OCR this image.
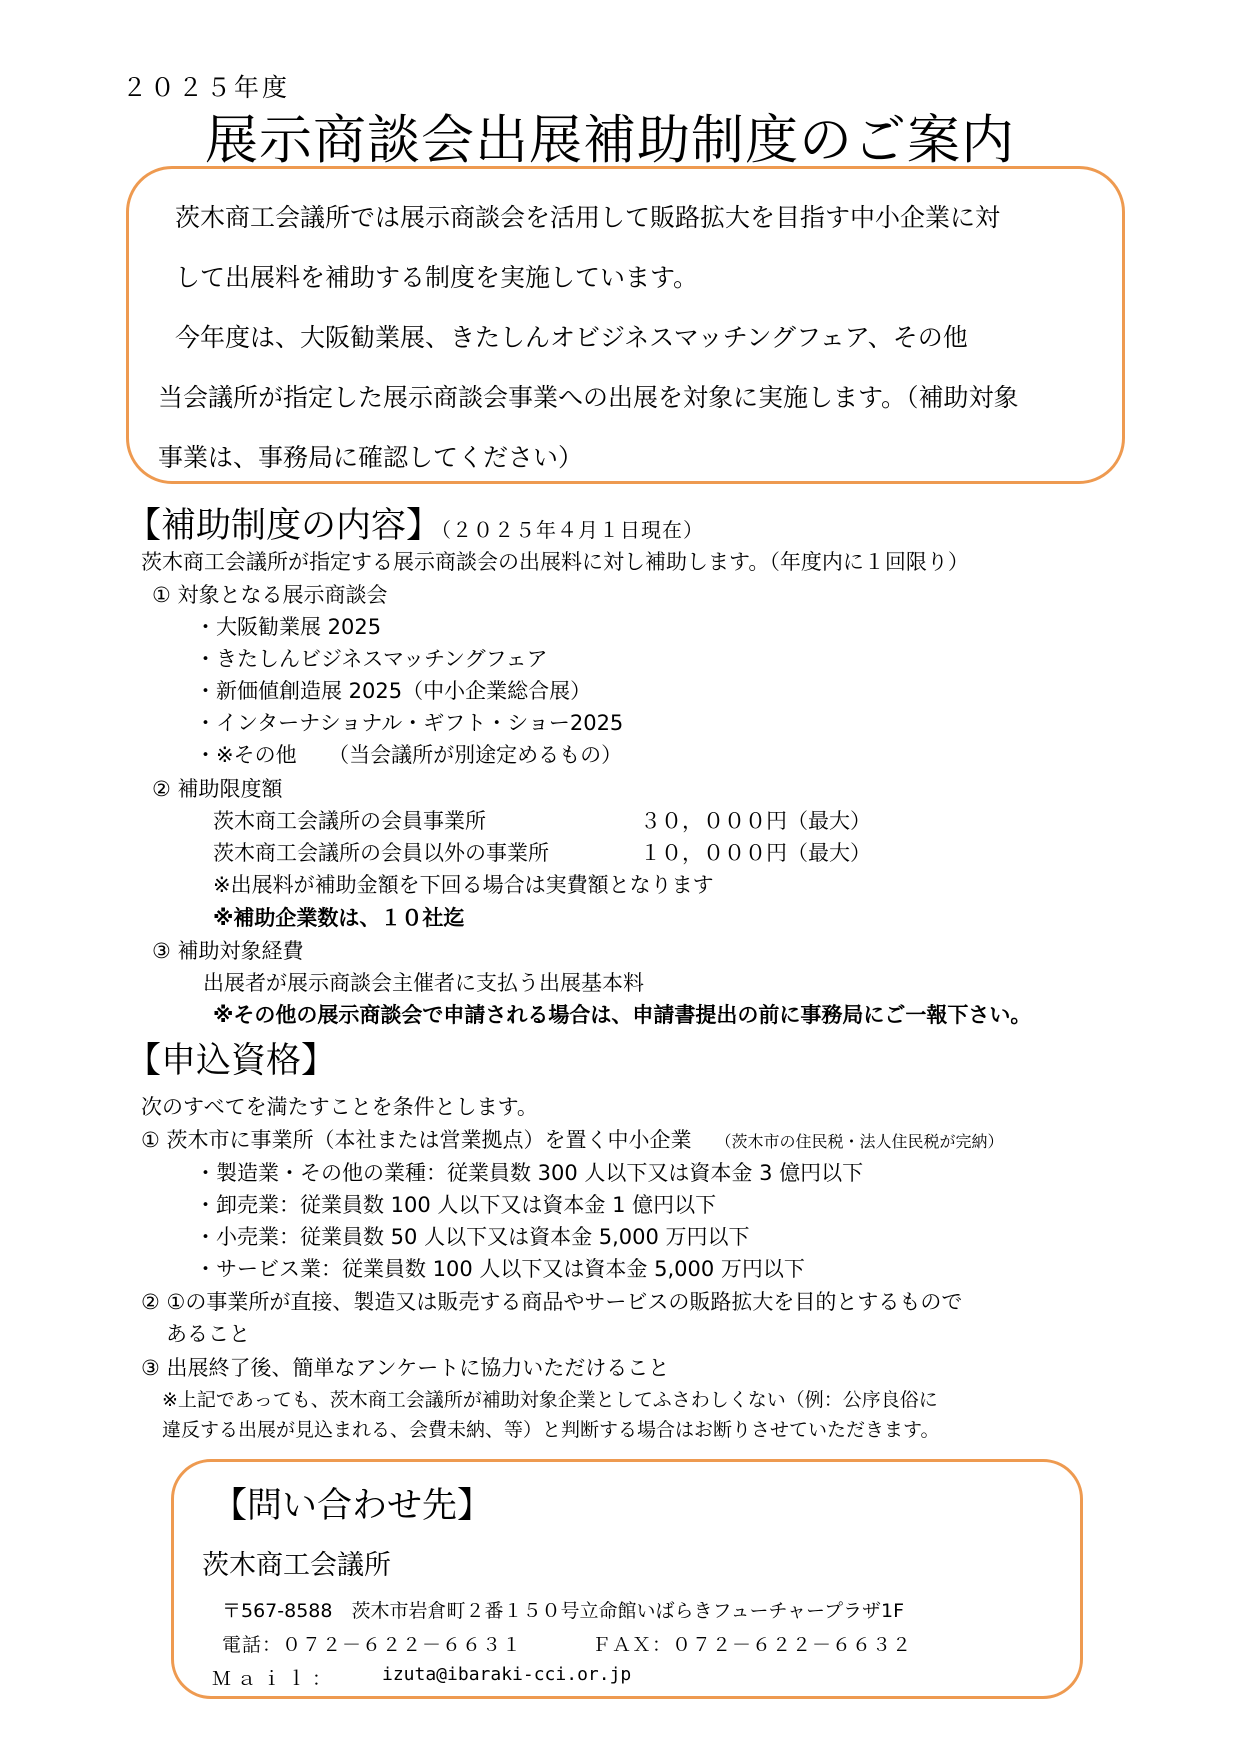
２０２５年度
展示商談会出展補助制度のご案内
茨木商工会議所では展示商談会を活用して販路拡大を目指す中小企業に対
して出展料を補助する制度を実施しています。
今年度は、大阪勧業展、きたしんオビジネスマッチングフェア、その他
当会議所が指定した展示商談会事業への出展を対象に実施します。（補助対象
事業は、事務局に確認してください）
【補助制度の内容】（２０２５年４月１日現在）
茨木商工会議所が指定する展示商談会の出展料に対し補助します。（年度内に１回限り）
① 対象となる展示商談会
・大阪勧業展 2025
・きたしんビジネスマッチングフェア
・新価値創造展 2025（中小企業総合展）
・インターナショナル・ギフト・ショー2025
・※その他　　（当会議所が別途定めるもの）
② 補助限度額
茨木商工会議所の会員事業所	３０，０００円（最大）
茨木商工会議所の会員以外の事業所	１０，０００円（最大）
※出展料が補助金額を下回る場合は実費額となります
※補助企業数は、１０社迄
③ 補助対象経費
出展者が展示商談会主催者に支払う出展基本料
※その他の展示商談会で申請される場合は、申請書提出の前に事務局にご一報下さい。
【申込資格】
次のすべてを満たすことを条件とします。
① 茨木市に事業所（本社または営業拠点）を置く中小企業 （茨木市の住民税・法人住民税が完納）
・製造業・その他の業種：従業員数 300 人以下又は資本金 3 億円以下
・卸売業：従業員数 100 人以下又は資本金 1 億円以下
・小売業：従業員数 50 人以下又は資本金 5,000 万円以下
・サービス業：従業員数 100 人以下又は資本金 5,000 万円以下
② ①の事業所が直接、製造又は販売する商品やサービスの販路拡大を目的とするもので
あること
③ 出展終了後、簡単なアンケートに協力いただけること
※上記であっても、茨木商工会議所が補助対象企業としてふさわしくない（例：公序良俗に
違反する出展が見込まれる、会費未納、等）と判断する場合はお断りさせていただきます。
【問い合わせ先】
茨木商工会議所
〒567-8588　茨木市岩倉町２番１５０号立命館いばらきフューチャープラザ1F
電話：０７２－６２２－６６３１	ＦＡＸ：０７２－６２２－６６３２
Ｍａｉｌ： izuta@ibaraki-cci.or.jp
